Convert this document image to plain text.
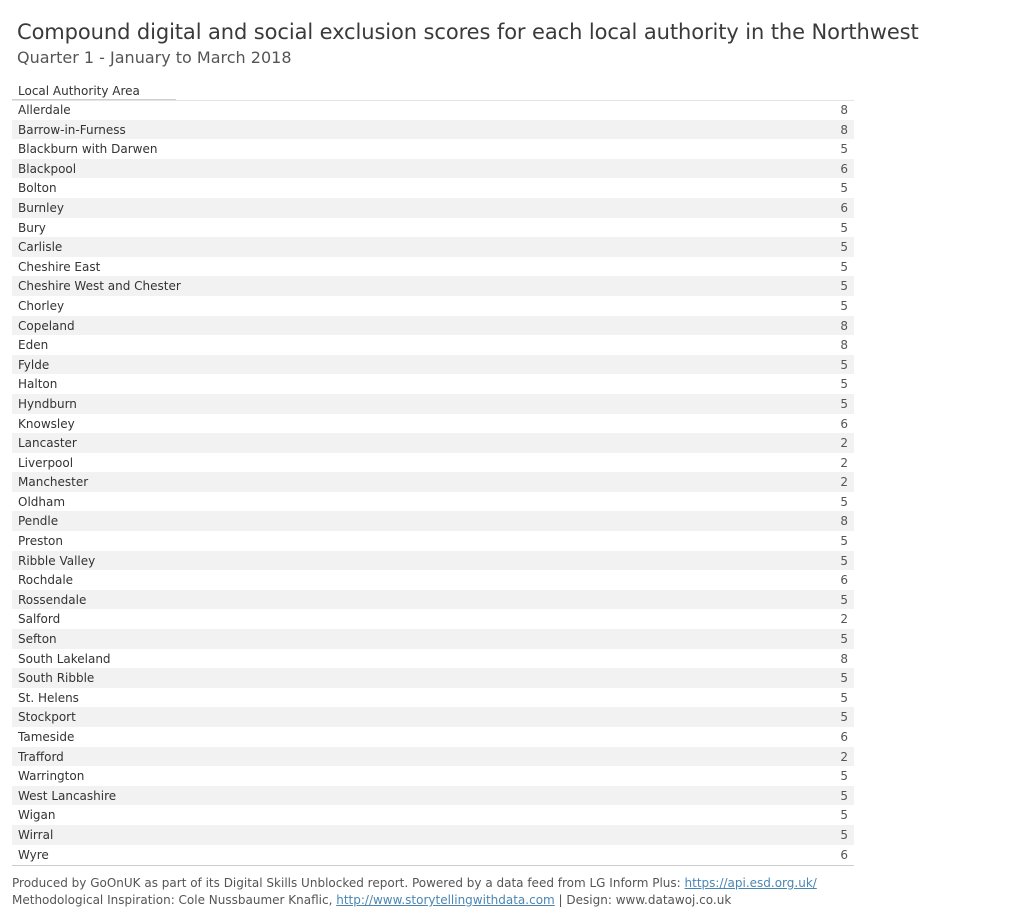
Compound digital and social exclusion scores for each local authority in the Northwest
Quarter 1 - January to March 2018
Local Authority Area
Allerdale	8
Barrow-in-Furness	8
Blackburn with Darwen	5
Blackpool	6
Bolton	5
Burnley	6
Bury	5
Carlisle	5
Cheshire East	5
Cheshire West and Chester	5
Chorley	5
Copeland	8
Eden	8
Fylde	5
Halton	5
Hyndburn	5
Knowsley	6
Lancaster	2
Liverpool	2
Manchester	2
Oldham	5
Pendle	8
Preston	5
Ribble Valley	5
Rochdale	6
Rossendale	5
Salford	2
Sefton	5
South Lakeland	8
South Ribble	5
St. Helens	5
Stockport	5
Tameside	6
Trafford	2
Warrington	5
West Lancashire	5
Wigan	5
Wirral	5
Wyre	6
Produced by GoOnUK as part of its Digital Skills Unblocked report. Powered by a data feed from LG Inform Plus: https://api.esd.org.uk/
Methodological Inspiration: Cole Nussbaumer Knaflic, http://www.storytellingwithdata.com | Design: www.datawoj.co.uk
